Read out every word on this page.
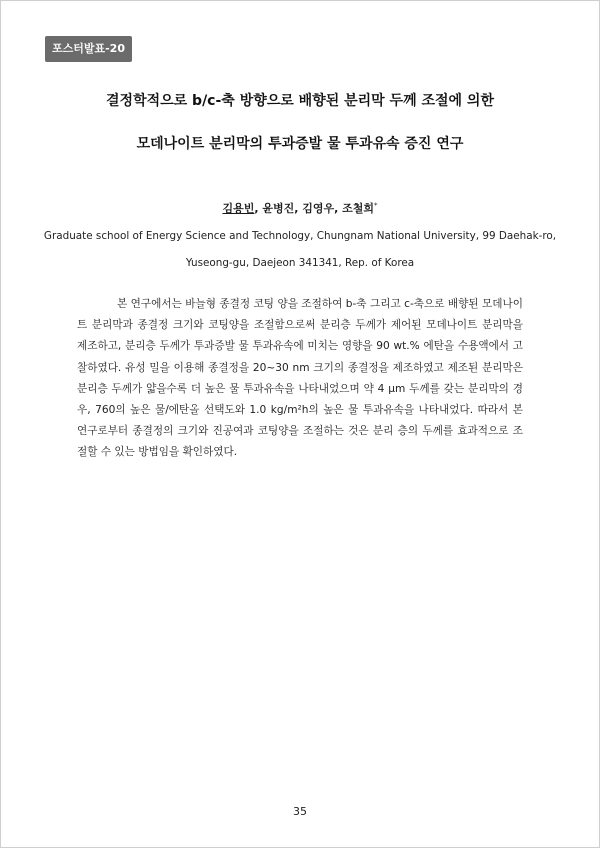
포스터발표-20
결정학적으로 b/c-축 방향으로 배향된 분리막 두께 조절에 의한
모데나이트 분리막의 투과증발 물 투과유속 증진 연구
김용빈, 윤병진, 김영우, 조철희*
Graduate school of Energy Science and Technology, Chungnam National University, 99 Daehak-ro,
Yuseong-gu, Daejeon 341341, Rep. of Korea

본 연구에서는 바늘형 종결정 코팅 양을 조절하여 b-축 그리고 c-축으로 배향된 모데나이트 분리막과 종결정 크기와 코팅양을 조절함으로써 분리층 두께가 제어된 모데나이트 분리막을 제조하고, 분리층 두께가 투과증발 물 투과유속에 미치는 영향을 90 wt.% 에탄올 수용액에서 고찰하였다. 유성 밀을 이용해 종결정을 20~30 nm 크기의 종결정을 제조하였고 제조된 분리막은 분리층 두께가 얇을수록 더 높은 물 투과유속을 나타내었으며 약 4 μm 두께를 갖는 분리막의 경우, 760의 높은 물/에탄올 선택도와 1.0 kg/m²h의 높은 물 투과유속을 나타내었다. 따라서 본 연구로부터 종결정의 크기와 진공여과 코팅양을 조절하는 것은 분리 층의 두께를 효과적으로 조절할 수 있는 방법임을 확인하였다.

35
